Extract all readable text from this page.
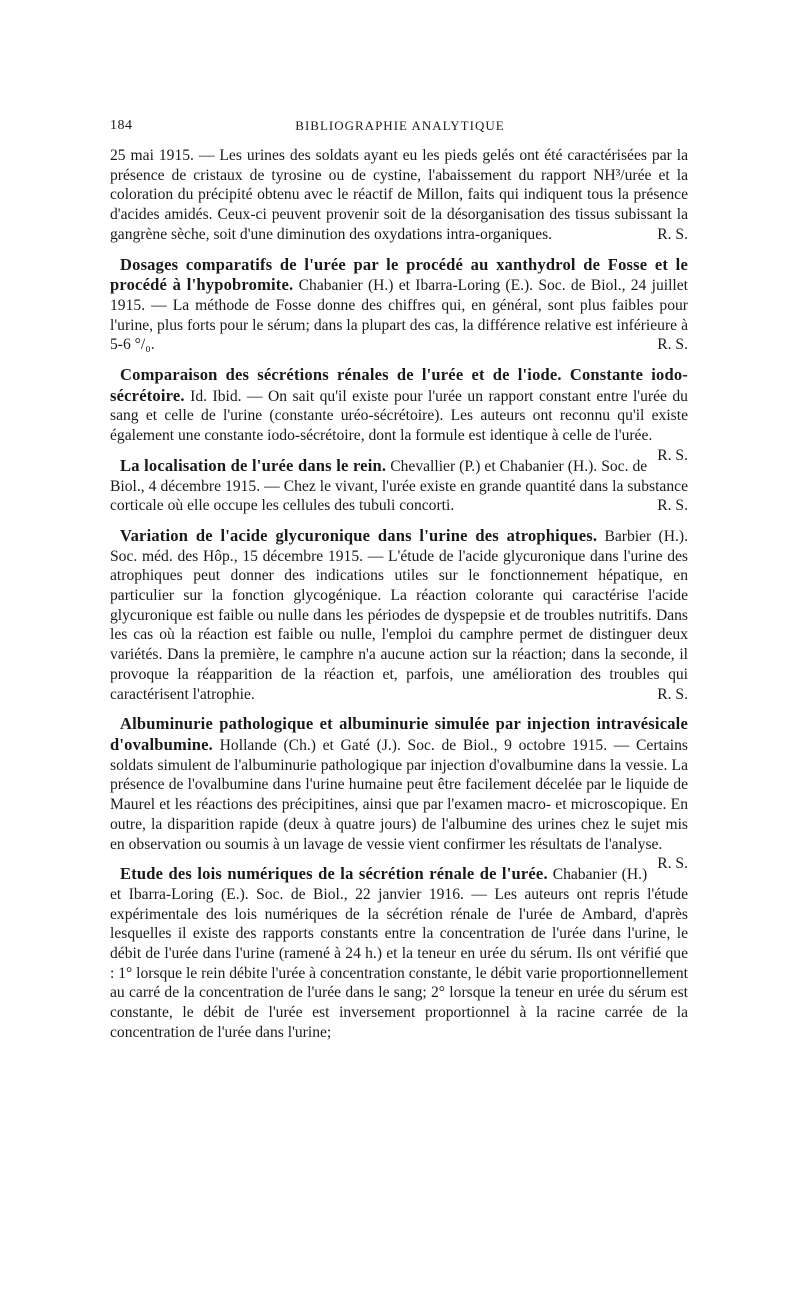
184	BIBLIOGRAPHIE ANALYTIQUE

25 mai 1915. — Les urines des soldats ayant eu les pieds gelés ont été caractérisées par la présence de cristaux de tyrosine ou de cystine, l'abaissement du rapport NH³/urée et la coloration du précipité obtenu avec le réactif de Millon, faits qui indiquent tous la présence d'acides amidés. Ceux-ci peuvent provenir soit de la désorganisation des tissus subissant la gangrène sèche, soit d'une diminution des oxydations intra-organiques.	R. S.

Dosages comparatifs de l'urée par le procédé au xanthydrol de Fosse et le procédé à l'hypobromite. Chabanier (H.) et Ibarra-Loring (E.). Soc. de Biol., 24 juillet 1915. — La méthode de Fosse donne des chiffres qui, en général, sont plus faibles pour l'urine, plus forts pour le sérum; dans la plupart des cas, la différence relative est inférieure à 5-6 °/₀.	R. S.

Comparaison des sécrétions rénales de l'urée et de l'iode. Constante iodo-sécrétoire. Id. Ibid. — On sait qu'il existe pour l'urée un rapport constant entre l'urée du sang et celle de l'urine (constante uréo-sécrétoire). Les auteurs ont reconnu qu'il existe également une constante iodo-sécrétoire, dont la formule est identique à celle de l'urée.
R. S.

La localisation de l'urée dans le rein. Chevallier (P.) et Chabanier (H.). Soc. de Biol., 4 décembre 1915. — Chez le vivant, l'urée existe en grande quantité dans la substance corticale où elle occupe les cellules des tubuli concorti.	R. S.

Variation de l'acide glycuronique dans l'urine des atrophiques. Barbier (H.). Soc. méd. des Hôp., 15 décembre 1915. — L'étude de l'acide glycuronique dans l'urine des atrophiques peut donner des indications utiles sur le fonctionnement hépatique, en particulier sur la fonction glycogénique. La réaction colorante qui caractérise l'acide glycuronique est faible ou nulle dans les périodes de dyspepsie et de troubles nutritifs. Dans les cas où la réaction est faible ou nulle, l'emploi du camphre permet de distinguer deux variétés. Dans la première, le camphre n'a aucune action sur la réaction; dans la seconde, il provoque la réapparition de la réaction et, parfois, une amélioration des troubles qui caractérisent l'atrophie.	R. S.

Albuminurie pathologique et albuminurie simulée par injection intravésicale d'ovalbumine. Hollande (Ch.) et Gaté (J.). Soc. de Biol., 9 octobre 1915. — Certains soldats simulent de l'albuminurie pathologique par injection d'ovalbumine dans la vessie. La présence de l'ovalbumine dans l'urine humaine peut être facilement décelée par le liquide de Maurel et les réactions des précipitines, ainsi que par l'examen macro- et microscopique. En outre, la disparition rapide (deux à quatre jours) de l'albumine des urines chez le sujet mis en observation ou soumis à un lavage de vessie vient confirmer les résultats de l'analyse.
R. S.

Etude des lois numériques de la sécrétion rénale de l'urée. Chabanier (H.) et Ibarra-Loring (E.). Soc. de Biol., 22 janvier 1916. — Les auteurs ont repris l'étude expérimentale des lois numériques de la sécrétion rénale de l'urée de Ambard, d'après lesquelles il existe des rapports constants entre la concentration de l'urée dans l'urine, le débit de l'urée dans l'urine (ramené à 24 h.) et la teneur en urée du sérum. Ils ont vérifié que : 1° lorsque le rein débite l'urée à concentration constante, le débit varie proportionnellement au carré de la concentration de l'urée dans le sang; 2° lorsque la teneur en urée du sérum est constante, le débit de l'urée est inversement proportionnel à la racine carrée de la concentration de l'urée dans l'urine;
